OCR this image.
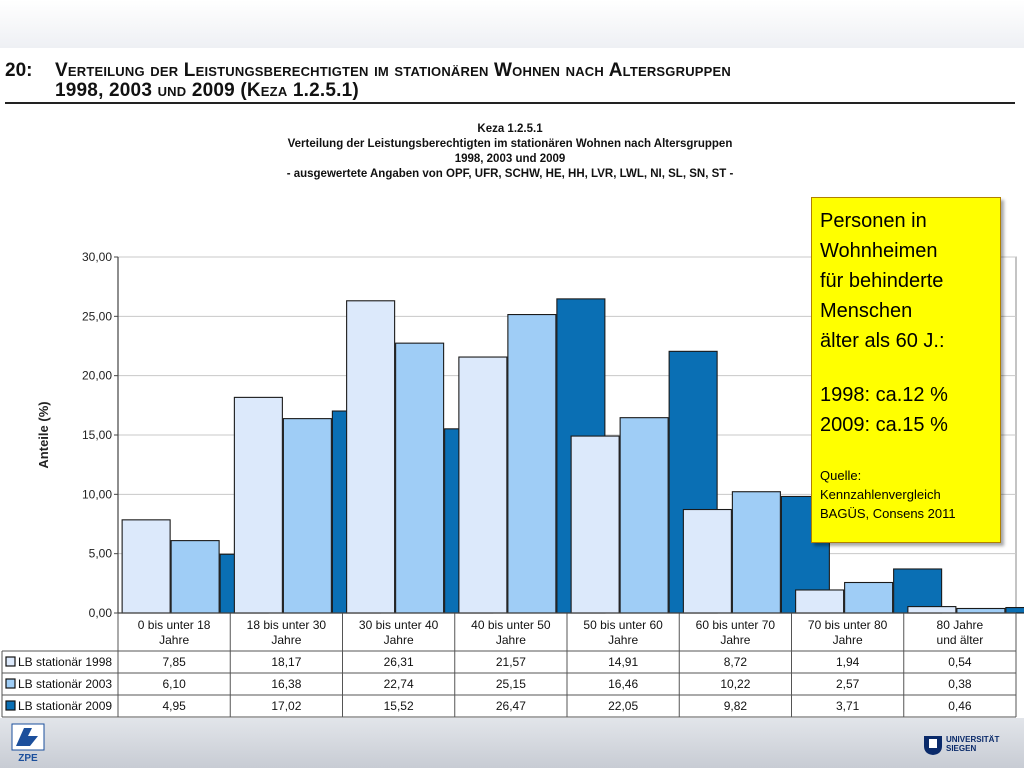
20: Verteilung der Leistungsberechtigten im stationären Wohnen nach Altersgruppen
1998, 2003 und 2009 (Keza 1.2.5.1)
Keza 1.2.5.1
Verteilung der Leistungsberechtigten im stationären Wohnen nach Altersgruppen
1998, 2003 und 2009
- ausgewertete Angaben von OPF, UFR, SCHW, HE, HH, LVR, LWL, NI, SL, SN, ST -
0,00
5,00
10,00
15,00
20,00
25,00
30,00
Anteile (%)
0 bis unter 18
Jahre
18 bis unter 30
Jahre
30 bis unter 40
Jahre
40 bis unter 50
Jahre
50 bis unter 60
Jahre
60 bis unter 70
Jahre
70 bis unter 80
Jahre
80 Jahre
und älter
LB stationär 1998	7,85	18,17	26,31	21,57	14,91	8,72	1,94	0,54
LB stationär 2003	6,10	16,38	22,74	25,15	16,46	10,22	2,57	0,38
LB stationär 2009	4,95	17,02	15,52	26,47	22,05	9,82	3,71	0,46
Personen in
Wohnheimen
für behinderte
Menschen
älter als 60 J.:
1998: ca.12 %
2009: ca.15 %
Quelle:
Kennzahlenvergleich
BAGÜS, Consens 2011
ZPE
UNIVERSITÄT
SIEGEN
